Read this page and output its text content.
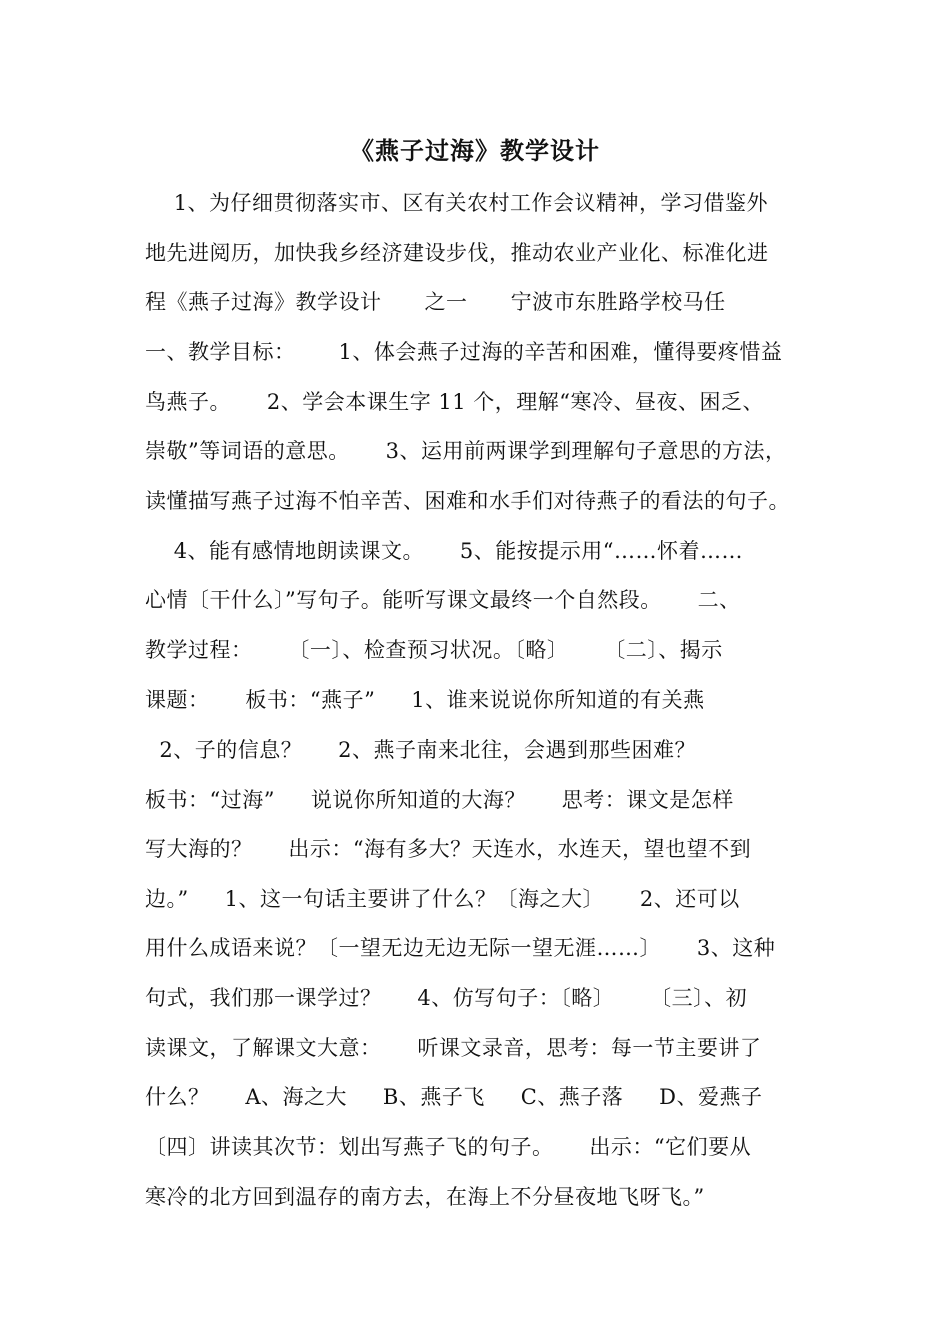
《燕子过海》教学设计
1、为仔细贯彻落实市、区有关农村工作会议精神，学习借鉴外
地先进阅历，加快我乡经济建设步伐，推动农业产业化、标准化进
程《燕子过海》教学设计      之一      宁波市东胜路学校马任
一、教学目标：      1、体会燕子过海的辛苦和困难，懂得要疼惜益
鸟燕子。     2、学会本课生字 11 个，理解“寒冷、昼夜、困乏、
崇敬”等词语的意思。     3、运用前两课学到理解句子意思的方法，
读懂描写燕子过海不怕辛苦、困难和水手们对待燕子的看法的句子。
4、能有感情地朗读课文。     5、能按提示用“……怀着……
心情〔干什么〕”写句子。能听写课文最终一个自然段。     二、
教学过程：     〔一〕、检查预习状况。〔略〕     〔二〕、揭示
课题：     板书：“燕子”     1、谁来说说你所知道的有关燕
2、子的信息？     2、燕子南来北往，会遇到那些困难？
板书：“过海”     说说你所知道的大海？     思考：课文是怎样
写大海的？     出示：“海有多大？天连水，水连天，望也望不到
边。”     1、这一句话主要讲了什么？〔海之大〕     2、还可以
用什么成语来说？〔一望无边无边无际一望无涯……〕     3、这种
句式，我们那一课学过？     4、仿写句子：〔略〕     〔三〕、初
读课文，了解课文大意：     听课文录音，思考：每一节主要讲了
什么？     A、海之大     B、燕子飞     C、燕子落     D、爱燕子
〔四〕讲读其次节：划出写燕子飞的句子。     出示：“它们要从
寒冷的北方回到温存的南方去，在海上不分昼夜地飞呀飞。”
